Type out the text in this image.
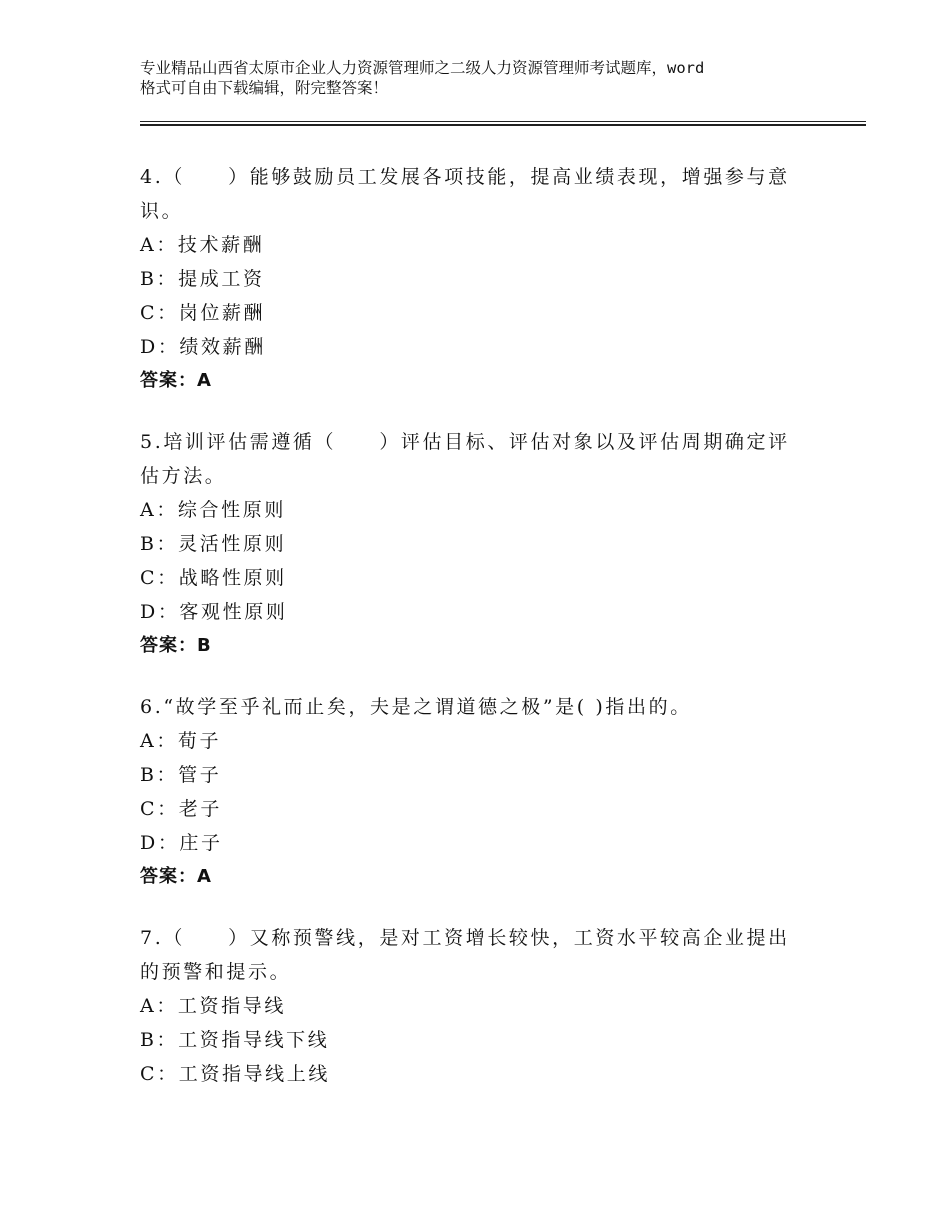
专业精品山西省太原市企业人力资源管理师之二级人力资源管理师考试题库，word
格式可自由下载编辑，附完整答案！
4.（　　）能够鼓励员工发展各项技能，提高业绩表现，增强参与意识。
A：技术薪酬
B：提成工资
C：岗位薪酬
D：绩效薪酬
答案：A
5.培训评估需遵循（　　）评估目标、评估对象以及评估周期确定评估方法。
A：综合性原则
B：灵活性原则
C：战略性原则
D：客观性原则
答案：B
6.“故学至乎礼而止矣，夫是之谓道德之极”是( )指出的。
A：荀子
B：管子
C：老子
D：庄子
答案：A
7.（　　）又称预警线，是对工资增长较快，工资水平较高企业提出的预警和提示。
A：工资指导线
B：工资指导线下线
C：工资指导线上线
